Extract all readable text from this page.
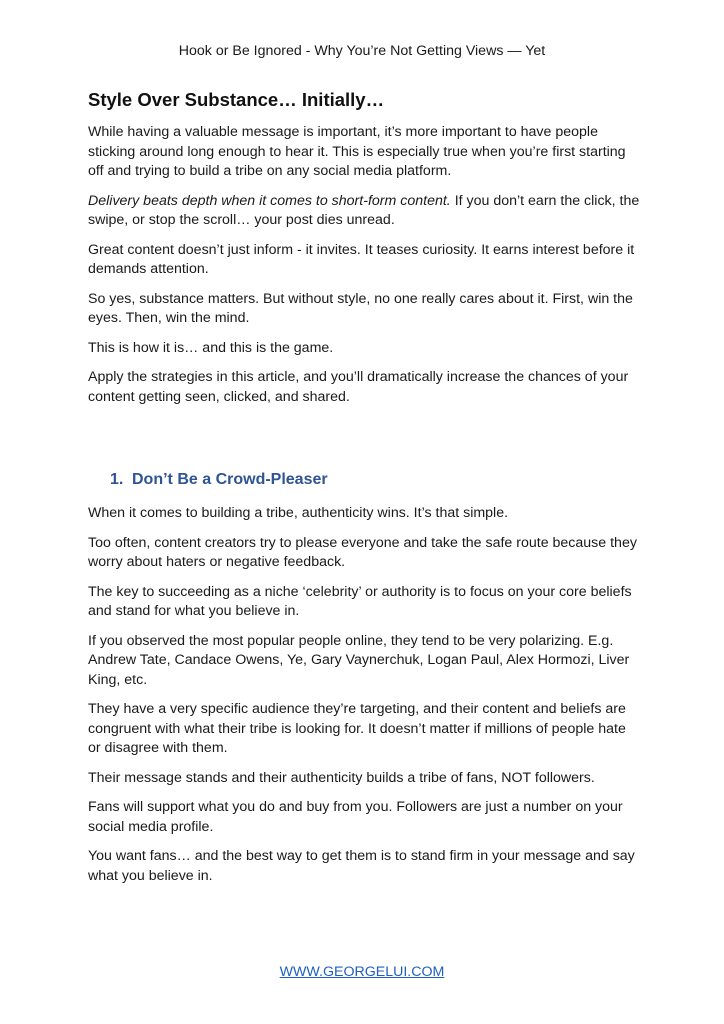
Hook or Be Ignored - Why You’re Not Getting Views — Yet
Style Over Substance… Initially…

While having a valuable message is important, it’s more important to have people sticking around long enough to hear it. This is especially true when you’re first starting off and trying to build a tribe on any social media platform.

Delivery beats depth when it comes to short-form content. If you don’t earn the click, the swipe, or stop the scroll… your post dies unread.

Great content doesn’t just inform - it invites. It teases curiosity. It earns interest before it demands attention.

So yes, substance matters. But without style, no one really cares about it. First, win the eyes. Then, win the mind.

This is how it is… and this is the game.

Apply the strategies in this article, and you’ll dramatically increase the chances of your content getting seen, clicked, and shared.

1. Don’t Be a Crowd-Pleaser

When it comes to building a tribe, authenticity wins. It’s that simple.

Too often, content creators try to please everyone and take the safe route because they worry about haters or negative feedback.

The key to succeeding as a niche ‘celebrity’ or authority is to focus on your core beliefs and stand for what you believe in.

If you observed the most popular people online, they tend to be very polarizing. E.g. Andrew Tate, Candace Owens, Ye, Gary Vaynerchuk, Logan Paul, Alex Hormozi, Liver King, etc.

They have a very specific audience they’re targeting, and their content and beliefs are congruent with what their tribe is looking for. It doesn’t matter if millions of people hate or disagree with them.

Their message stands and their authenticity builds a tribe of fans, NOT followers.

Fans will support what you do and buy from you. Followers are just a number on your social media profile.

You want fans… and the best way to get them is to stand firm in your message and say what you believe in.

WWW.GEORGELUI.COM
